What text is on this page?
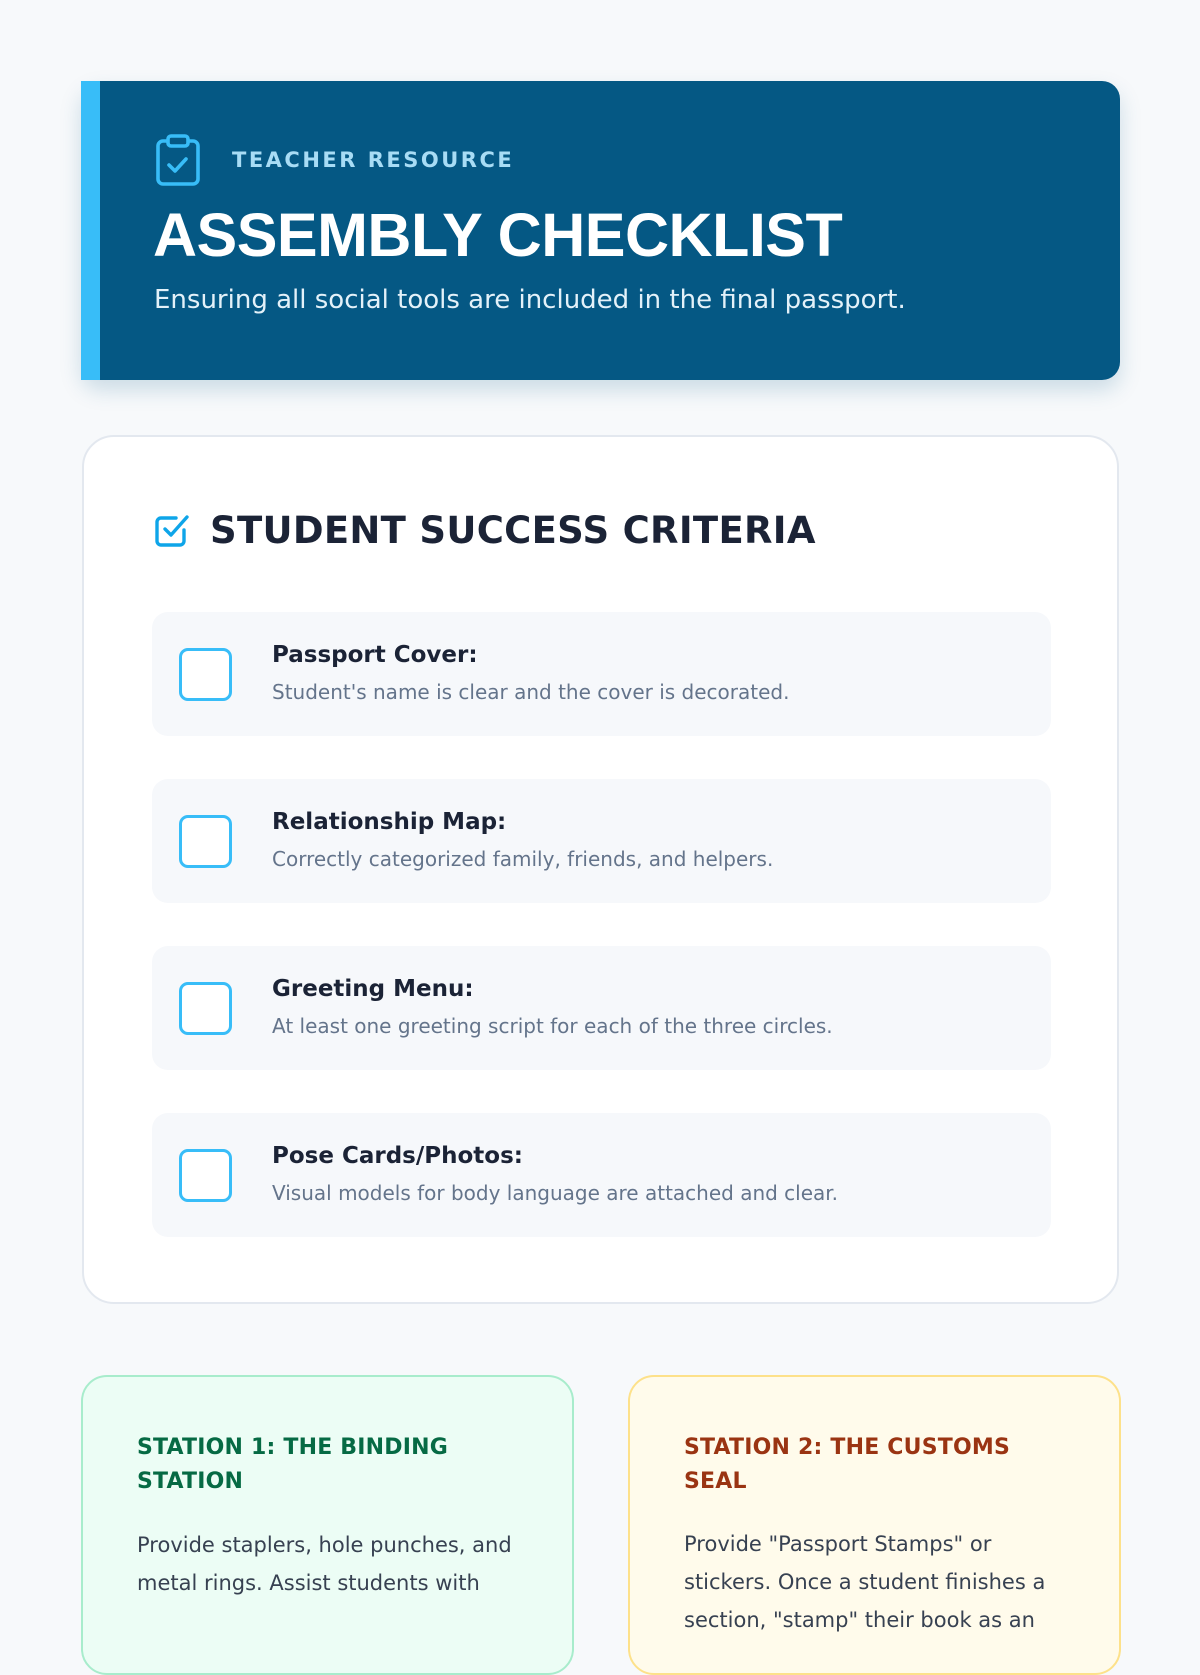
TEACHER RESOURCE
ASSEMBLY CHECKLIST

Ensuring all social tools are included in the final passport.

STUDENT SUCCESS CRITERIA
Passport Cover:
Student's name is clear and the cover is decorated.
Relationship Map:
Correctly categorized family, friends, and helpers.
Greeting Menu:
At least one greeting script for each of the three circles.
Pose Cards/Photos:
Visual models for body language are attached and clear.
STATION 1: THE BINDING STATION

Provide staplers, hole punches, and metal rings. Assist students with

STATION 2: THE CUSTOMS SEAL

Provide "Passport Stamps" or stickers. Once a student finishes a section, "stamp" their book as an
